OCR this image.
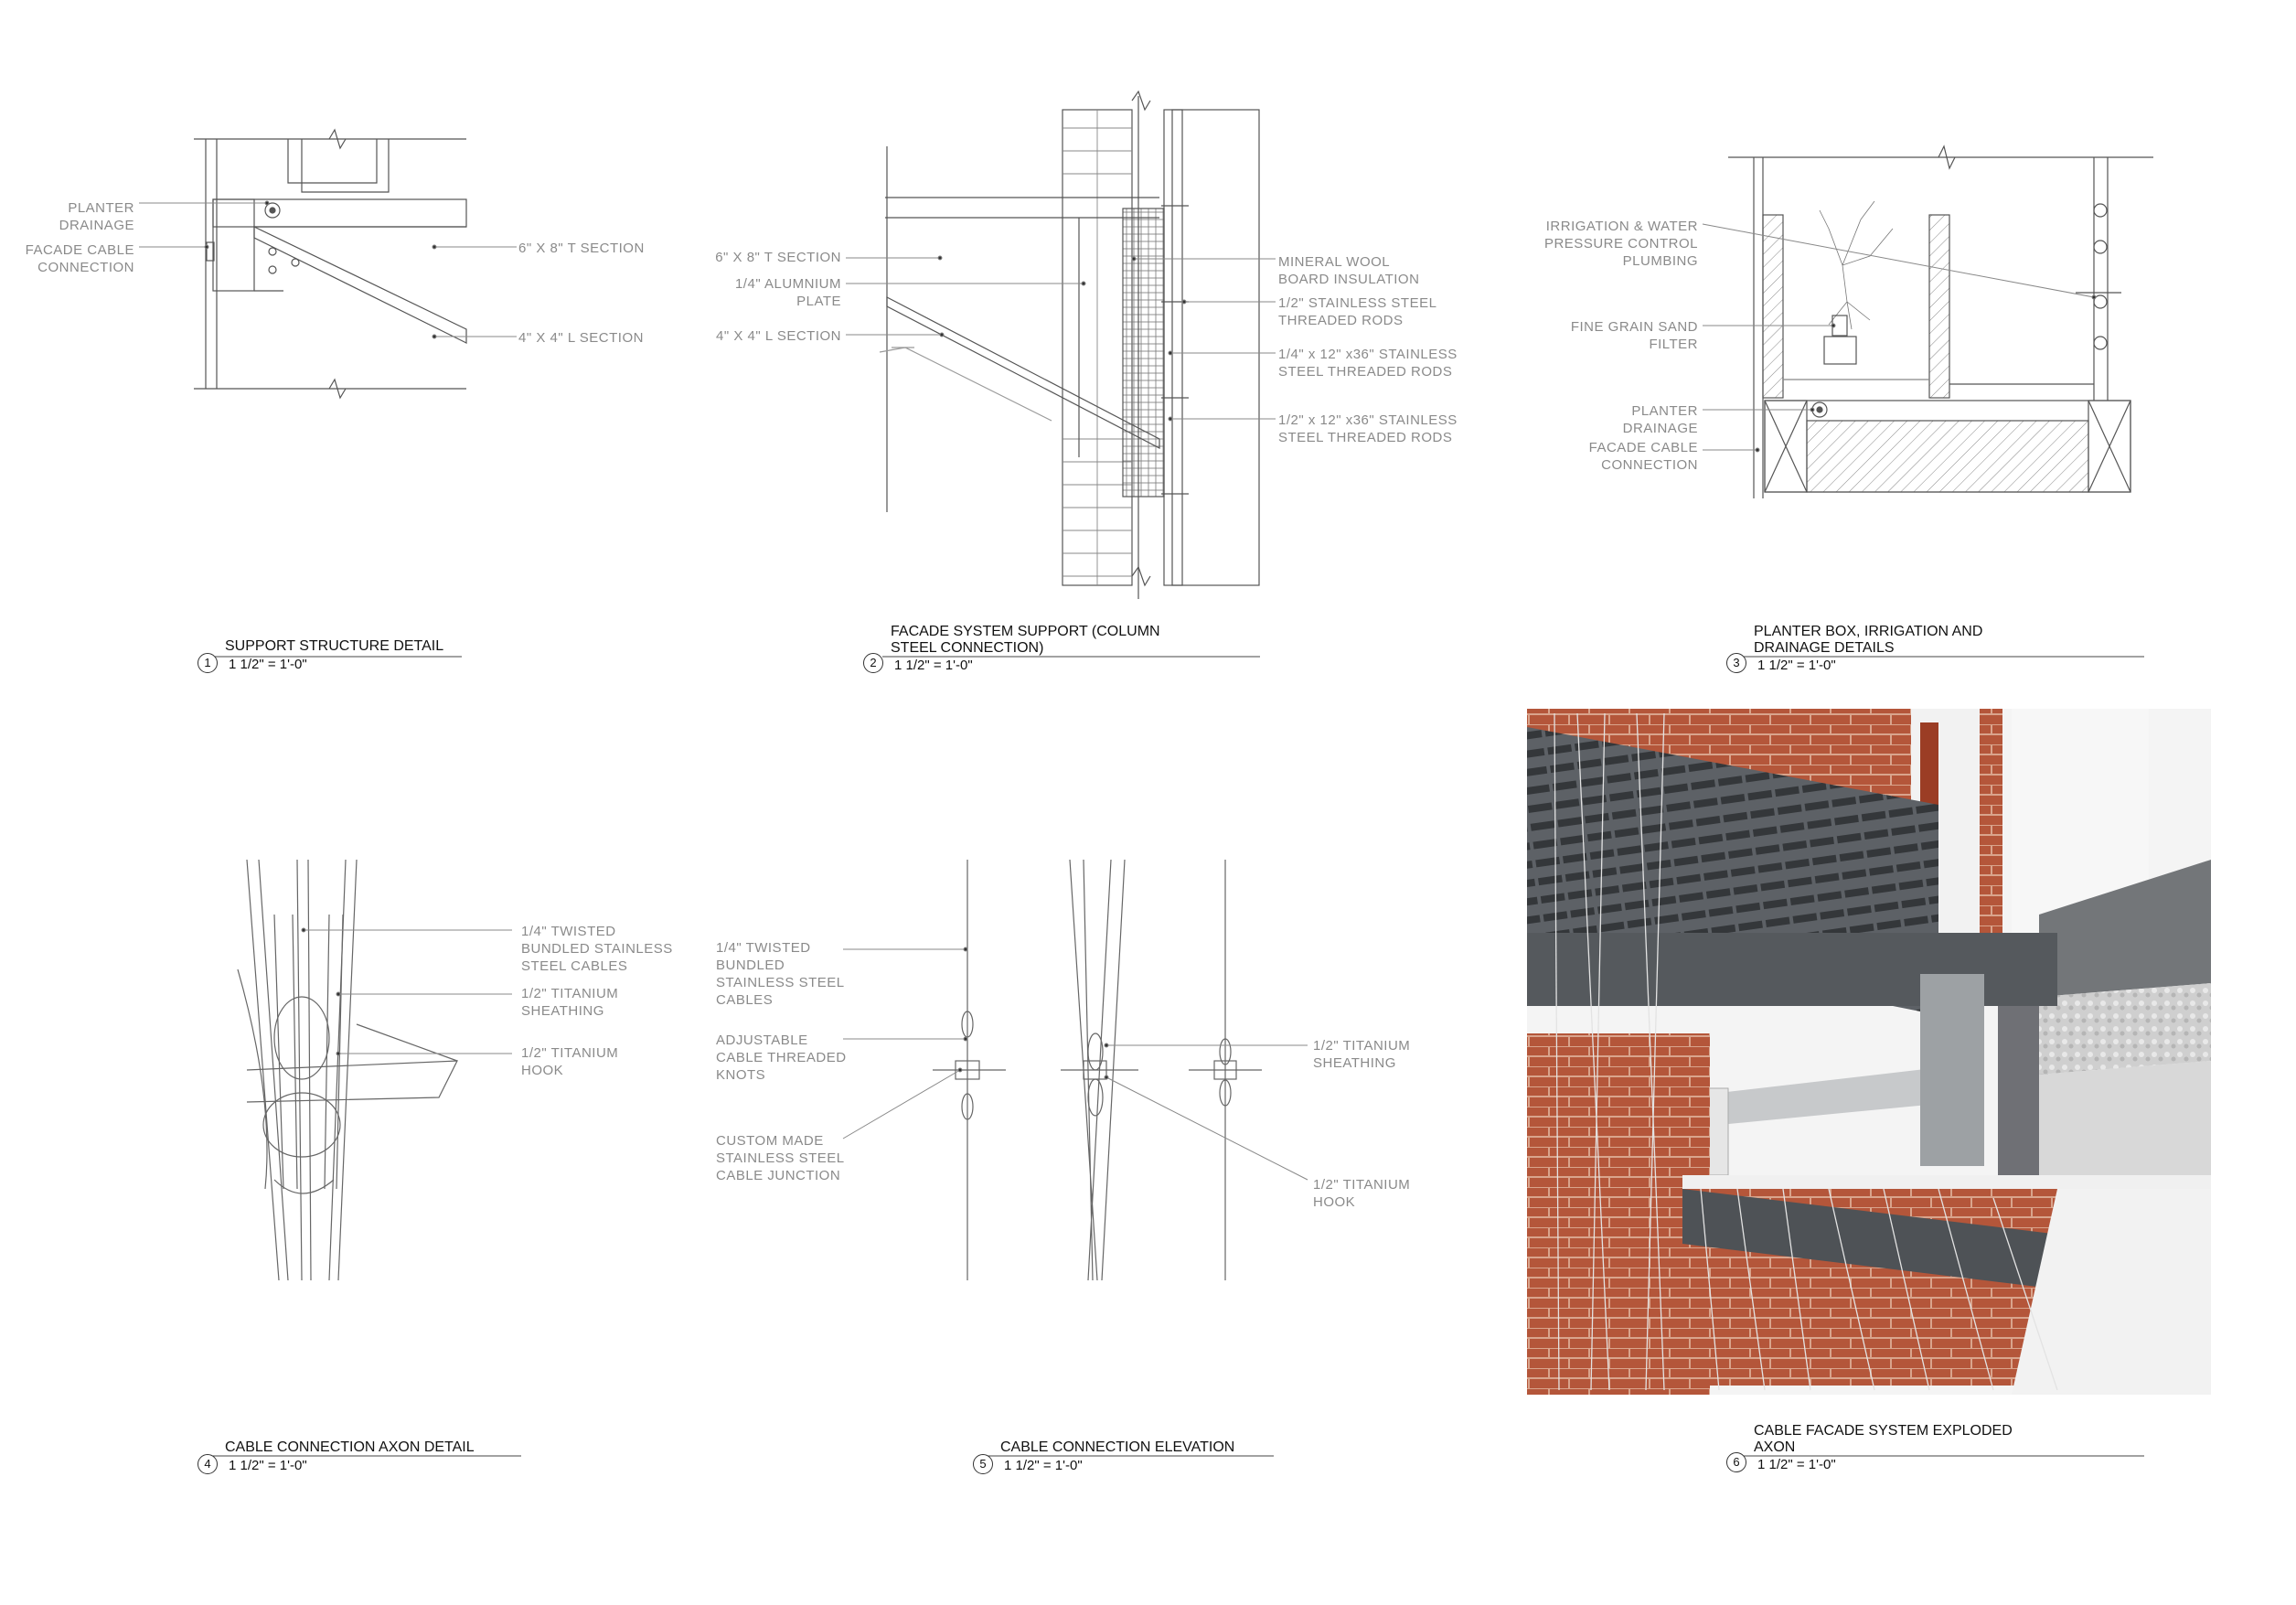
PLANTER
DRAINAGE
FACADE CABLE
CONNECTION
6" X 8" T SECTION
4" X 4" L SECTION
6" X 8" T SECTION
1/4" ALUMNIUM
PLATE
4" X 4" L SECTION
MINERAL WOOL
BOARD INSULATION
1/2" STAINLESS STEEL
THREADED RODS
1/4" x 12" x36" STAINLESS
STEEL THREADED RODS
1/2" x 12" x36" STAINLESS
STEEL THREADED RODS
IRRIGATION & WATER
PRESSURE CONTROL
PLUMBING
FINE GRAIN SAND
FILTER
PLANTER
DRAINAGE
FACADE CABLE
CONNECTION
1/4" TWISTED
BUNDLED STAINLESS
STEEL CABLES
1/2" TITANIUM
SHEATHING
1/2" TITANIUM
HOOK
1/4" TWISTED
BUNDLED
STAINLESS STEEL
CABLES
ADJUSTABLE
CABLE THREADED
KNOTS
CUSTOM MADE
STAINLESS STEEL
CABLE JUNCTION
1/2" TITANIUM
SHEATHING
1/2" TITANIUM
HOOK
1
SUPPORT STRUCTURE DETAIL
1 1/2" = 1'-0"	2
FACADE SYSTEM SUPPORT (COLUMN
STEEL CONNECTION)
1 1/2" = 1'-0"	3
PLANTER BOX, IRRIGATION AND
DRAINAGE DETAILS
1 1/2" = 1'-0"
4
CABLE CONNECTION AXON DETAIL
1 1/2" = 1'-0"	5
CABLE CONNECTION ELEVATION
1 1/2" = 1'-0"	6
CABLE FACADE SYSTEM EXPLODED
AXON
1 1/2" = 1'-0"
